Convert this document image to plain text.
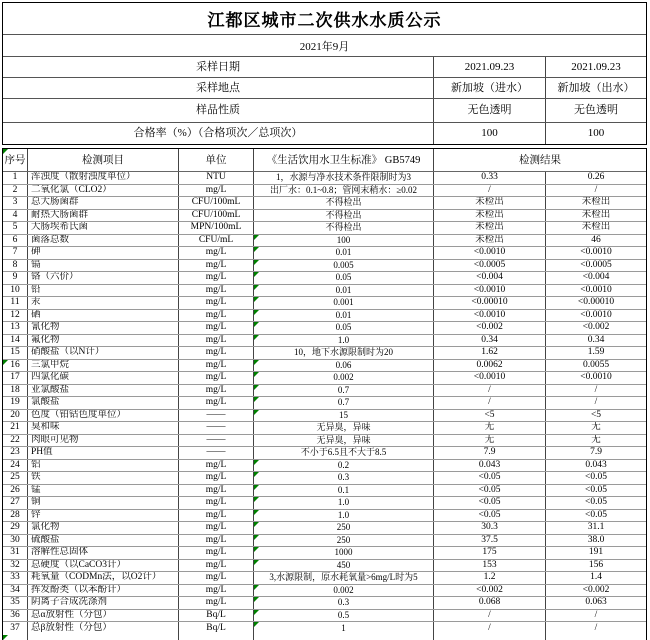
江都区城市二次供水水质公示
2021年9月
采样日期	2021.09.23	2021.09.23
采样地点	新加坡（进水）	新加坡（出水）
样品性质	无色透明	无色透明
合格率（%）（合格项次／总项次）	100	100
序号	检测项目	单位	《生活饮用水卫生标准》 GB5749	检测结果
1	浑浊度（散射浊度单位）	NTU	1，水源与净水技术条件限制时为3	0.33	0.26
2	二氧化氯（CLO2）	mg/L	出厂水：0.1~0.8；管网末稍水：≥0.02	/	/
3	总大肠菌群	CFU/100mL	不得检出	未检出	未检出
4	耐热大肠菌群	CFU/100mL	不得检出	未检出	未检出
5	大肠埃希氏菌	MPN/100mL	不得检出	未检出	未检出
6	菌落总数	CFU/mL	100	未检出	46
7	砷	mg/L	0.01	<0.0010	<0.0010
8	镉	mg/L	0.005	<0.0005	<0.0005
9	铬（六价）	mg/L	0.05	<0.004	<0.004
10	铅	mg/L	0.01	<0.0010	<0.0010
11	汞	mg/L	0.001	<0.00010	<0.00010
12	硒	mg/L	0.01	<0.0010	<0.0010
13	氰化物	mg/L	0.05	<0.002	<0.002
14	氟化物	mg/L	1.0	0.34	0.34
15	硝酸盐（以N计）	mg/L	10，地下水源限制时为20	1.62	1.59
16	三氯甲烷	mg/L	0.06	0.0062	0.0055
17	四氯化碳	mg/L	0.002	<0.0010	<0.0010
18	亚氯酸盐	mg/L	0.7	/	/
19	氯酸盐	mg/L	0.7	/	/
20	色度（铂钴色度单位）	——	15	<5	<5
21	臭和味	——	无异臭，异味	无	无
22	肉眼可见物	——	无异臭，异味	无	无
23	PH值	——	不小于6.5且不大于8.5	7.9	7.9
24	铝	mg/L	0.2	0.043	0.043
25	铁	mg/L	0.3	<0.05	<0.05
26	锰	mg/L	0.1	<0.05	<0.05
27	铜	mg/L	1.0	<0.05	<0.05
28	锌	mg/L	1.0	<0.05	<0.05
29	氯化物	mg/L	250	30.3	31.1
30	硫酸盐	mg/L	250	37.5	38.0
31	溶解性总固体	mg/L	1000	175	191
32	总硬度（以CaCO3计）	mg/L	450	153	156
33	耗氧量（CODMn法，以O2计）	mg/L	3,水源限制，原水耗氧量>6mg/L时为5	1.2	1.4
34	挥发酚类（以苯酚计）	mg/L	0.002	<0.002	<0.002
35	阴离子合成洗涤剂	mg/L	0.3	0.068	0.063
36	总α放射性（分包）	Bq/L	0.5	/	/
37	总β放射性（分包）	Bq/L	1	/	/
